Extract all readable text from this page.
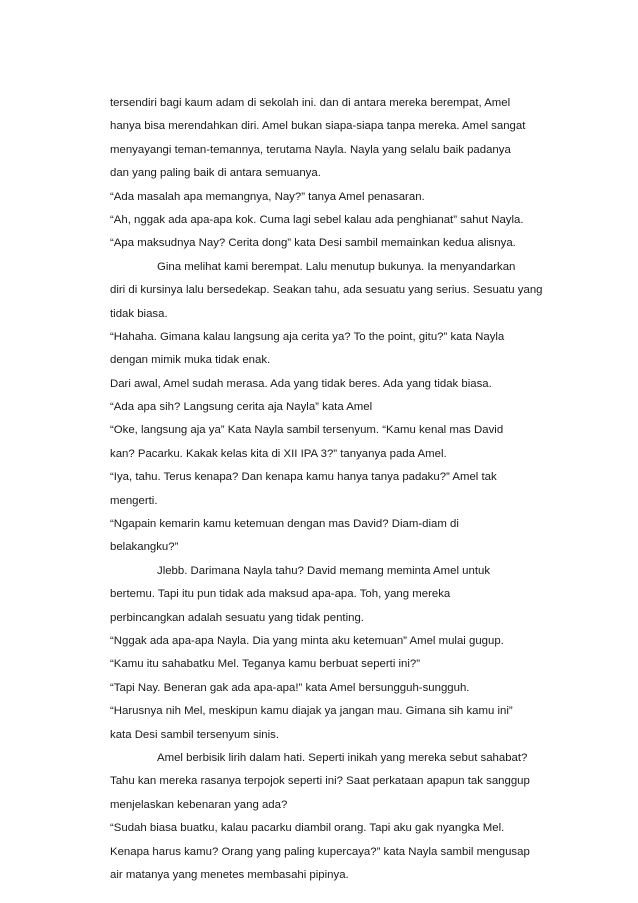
tersendiri bagi kaum adam di sekolah ini. dan di antara mereka berempat, Amel
hanya bisa merendahkan diri. Amel bukan siapa-siapa tanpa mereka. Amel sangat
menyayangi teman-temannya, terutama Nayla. Nayla yang selalu baik padanya
dan yang paling baik di antara semuanya.
“Ada masalah apa memangnya, Nay?” tanya Amel penasaran.
“Ah, nggak ada apa-apa kok. Cuma lagi sebel kalau ada penghianat” sahut Nayla.
“Apa maksudnya Nay? Cerita dong” kata Desi sambil memainkan kedua alisnya.
Gina melihat kami berempat. Lalu menutup bukunya. Ia menyandarkan
diri di kursinya lalu bersedekap. Seakan tahu, ada sesuatu yang serius. Sesuatu yang
tidak biasa.
“Hahaha. Gimana kalau langsung aja cerita ya? To the point, gitu?” kata Nayla
dengan mimik muka tidak enak.
Dari awal, Amel sudah merasa. Ada yang tidak beres. Ada yang tidak biasa.
“Ada apa sih? Langsung cerita aja Nayla” kata Amel
“Oke, langsung aja ya” Kata Nayla sambil tersenyum. “Kamu kenal mas David
kan? Pacarku. Kakak kelas kita di XII IPA 3?” tanyanya pada Amel.
“Iya, tahu. Terus kenapa? Dan kenapa kamu hanya tanya padaku?” Amel tak
mengerti.
“Ngapain kemarin kamu ketemuan dengan mas David? Diam-diam di
belakangku?”
Jlebb. Darimana Nayla tahu? David memang meminta Amel untuk
bertemu. Tapi itu pun tidak ada maksud apa-apa. Toh, yang mereka
perbincangkan adalah sesuatu yang tidak penting.
“Nggak ada apa-apa Nayla. Dia yang minta aku ketemuan” Amel mulai gugup.
“Kamu itu sahabatku Mel. Teganya kamu berbuat seperti ini?”
“Tapi Nay. Beneran gak ada apa-apa!” kata Amel bersungguh-sungguh.
“Harusnya nih Mel, meskipun kamu diajak ya jangan mau. Gimana sih kamu ini”
kata Desi sambil tersenyum sinis.
Amel berbisik lirih dalam hati. Seperti inikah yang mereka sebut sahabat?
Tahu kan mereka rasanya terpojok seperti ini? Saat perkataan apapun tak sanggup
menjelaskan kebenaran yang ada?
“Sudah biasa buatku, kalau pacarku diambil orang. Tapi aku gak nyangka Mel.
Kenapa harus kamu? Orang yang paling kupercaya?” kata Nayla sambil mengusap
air matanya yang menetes membasahi pipinya.
